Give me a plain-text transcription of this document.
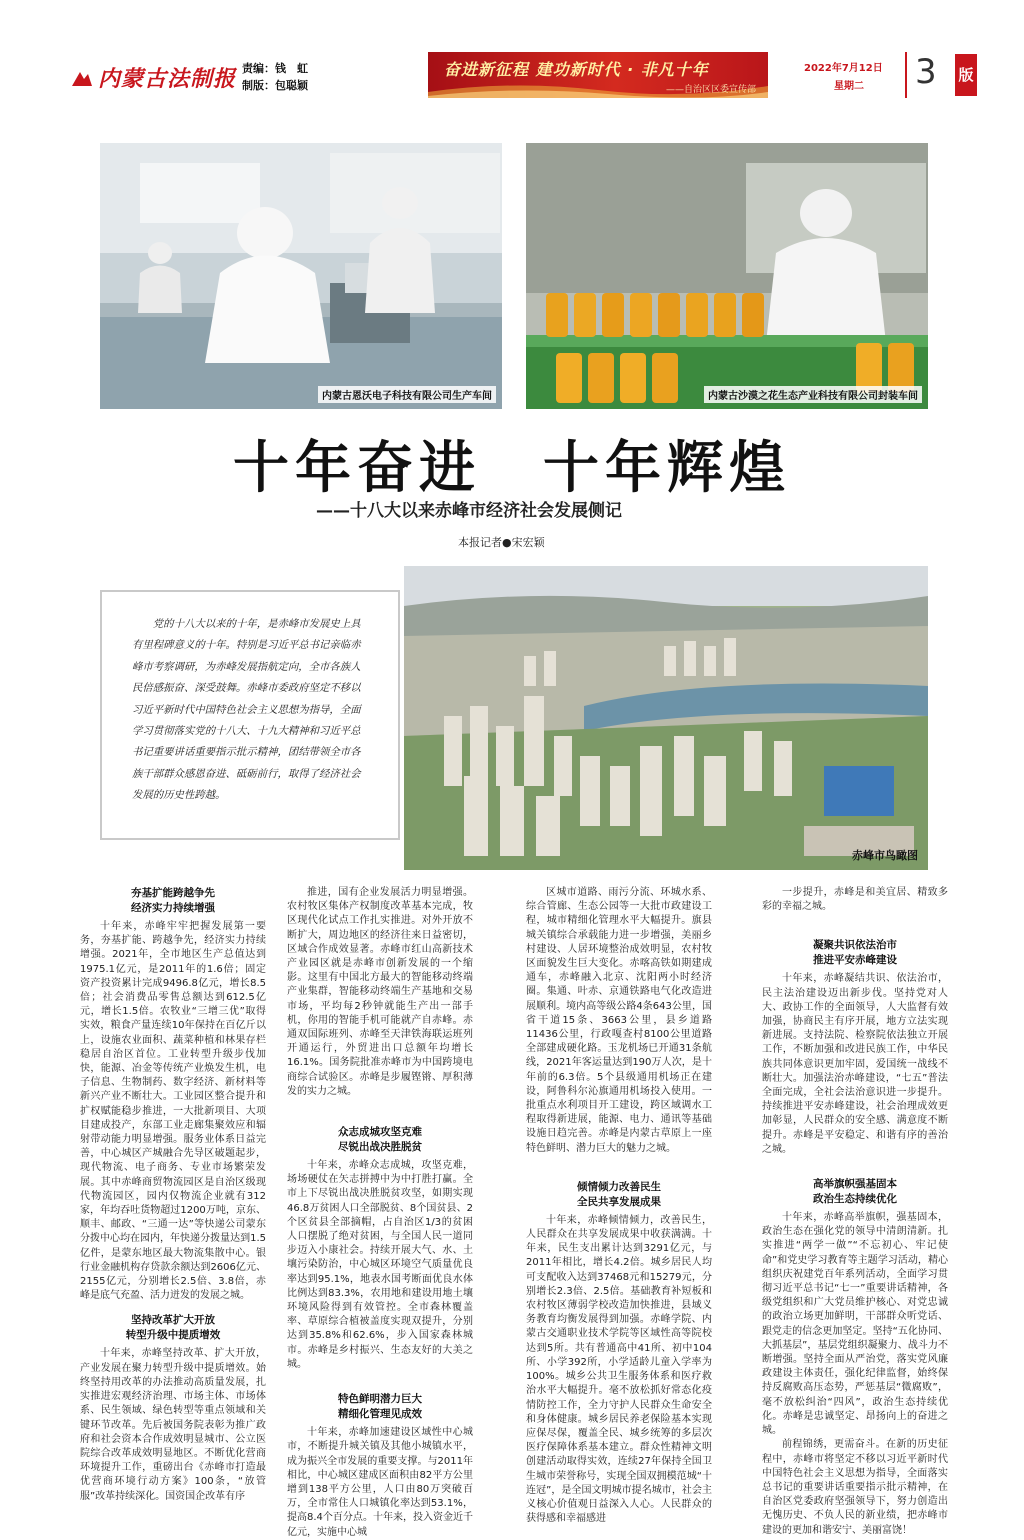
内蒙古法制报 责编：钱　虹
制版：包聪颖
奋进新征程 建功新时代 · 非凡十年
——自治区区委宣传部
2022年7月12日
星期二	3 版
内蒙古恩沃电子科技有限公司生产车间	内蒙古沙漠之花生态产业科技有限公司封装车间
十年奋进　十年辉煌
——十八大以来赤峰市经济社会发展侧记
本报记者●宋宏颖
赤峰市鸟瞰图
党的十八大以来的十年，是赤峰市发展史上具有里程碑意义的十年。特别是习近平总书记亲临赤峰市考察调研，为赤峰发展指航定向，全市各族人民倍感振奋、深受鼓舞。赤峰市委政府坚定不移以习近平新时代中国特色社会主义思想为指导，全面学习贯彻落实党的十八大、十九大精神和习近平总书记重要讲话重要指示批示精神，团结带领全市各族干部群众感恩奋进、砥砺前行，取得了经济社会发展的历史性跨越。
夯基扩能跨越争先
经济实力持续增强

十年来，赤峰牢牢把握发展第一要务，夯基扩能、跨越争先，经济实力持续增强。2021年，全市地区生产总值达到1975.1亿元，是2011年的1.6倍；固定资产投资累计完成9496.8亿元，增长8.5倍；社会消费品零售总额达到612.5亿元，增长1.5倍。农牧业“三增三优”取得实效，粮食产量连续10年保持在百亿斤以上，设施农业面积、蔬菜种植和林果存栏稳居自治区首位。工业转型升级步伐加快，能源、冶金等传统产业焕发生机，电子信息、生物制药、数字经济、新材料等新兴产业不断壮大。工业园区整合提升和扩权赋能稳步推进，一大批新项目、大项目建成投产，东部工业走廊集聚效应和辐射带动能力明显增强。服务业体系日益完善，中心城区产城融合先导区破题起步，现代物流、电子商务、专业市场繁荣发展。其中赤峰商贸物流园区是自治区级现代物流园区，园内仅物流企业就有312家，年均吞吐货物超过1200万吨，京东、顺丰、邮政、“三通一达”等快递公司蒙东分拨中心均在园内，年快递分拨量达到1.5亿件，是蒙东地区最大物流集散中心。银行业金融机构存贷款余额达到2606亿元、2155亿元，分别增长2.5倍、3.8倍，赤峰是底气充盈、活力迸发的发展之城。

坚持改革扩大开放
转型升级中提质增效

十年来，赤峰坚持改革、扩大开放，产业发展在聚力转型升级中提质增效。始终坚持用改革的办法推动高质量发展，扎实推进宏观经济治理、市场主体、市场体系、民生领域、绿色转型等重点领域和关键环节改革。先后被国务院表彰为推广政府和社会资本合作成效明显城市、公立医院综合改革成效明显地区。不断优化营商环境提升工作，重磅出台《赤峰市打造最优营商环境行动方案》100条，“放管服”改革持续深化。国资国企改革有序

推进，国有企业发展活力明显增强。农村牧区集体产权制度改革基本完成，牧区现代化试点工作扎实推进。对外开放不断扩大，周边地区的经济往来日益密切，区域合作成效显著。赤峰市红山高新技术产业园区就是赤峰市创新发展的一个缩影。这里有中国北方最大的智能移动终端产业集群，智能移动终端生产基地和交易市场，平均每2秒钟就能生产出一部手机，你用的智能手机可能就产自赤峰。赤通双国际班列、赤峰至天津铁海联运班列开通运行，外贸进出口总额年均增长16.1%。国务院批准赤峰市为中国跨境电商综合试验区。赤峰是步履铿锵、厚积薄发的实力之城。

众志成城攻坚克难
尽锐出战决胜脱贫

十年来，赤峰众志成城，攻坚克难，场场硬仗在矢志拼搏中为中打胜打赢。全市上下尽锐出战决胜脱贫攻坚，如期实现46.8万贫困人口全部脱贫、8个国贫县、2个区贫县全部摘帽，占自治区1/3的贫困人口摆脱了绝对贫困，与全国人民一道同步迈入小康社会。持续开展大气、水、土壤污染防治，中心城区环境空气质量优良率达到95.1%，地表水国考断面优良水体比例达到83.3%，农用地和建设用地土壤环境风险得到有效管控。全市森林覆盖率、草原综合植被盖度实现双提升，分别达到35.8%和62.6%，步入国家森林城市。赤峰是乡村振兴、生态友好的大美之城。

特色鲜明潜力巨大
精细化管理见成效

十年来，赤峰加速建设区域性中心城市，不断提升城关镇及其他小城镇水平，成为振兴全市发展的重要支撑。与2011年相比，中心城区建成区面积由82平方公里增到138平方公里，人口由80万突破百万，全市常住人口城镇化率达到53.1%，提高8.4个百分点。十年来，投入资金近千亿元，实施中心城

区城市道路、雨污分流、环城水系、综合管廊、生态公园等一大批市政建设工程，城市精细化管理水平大幅提升。旗县城关镇综合承载能力进一步增强，美丽乡村建设、人居环境整治成效明显，农村牧区面貌发生巨大变化。赤喀高铁如期建成通车，赤峰融入北京、沈阳两小时经济圈。集通、叶赤、京通铁路电气化改造进展顺利。境内高等级公路4条643公里，国省干道15条、3663公里，县乡道路11436公里，行政嘎查村8100公里道路全部建成硬化路。玉龙机场已开通31条航线，2021年客运量达到190万人次，是十年前的6.3倍。5个县级通用机场正在建设，阿鲁科尔沁旗通用机场投入使用。一批重点水利项目开工建设，跨区域调水工程取得新进展，能源、电力、通讯等基础设施日趋完善。赤峰是内蒙古草原上一座特色鲜明、潜力巨大的魅力之城。

倾情倾力改善民生
全民共享发展成果

十年来，赤峰倾情倾力，改善民生，人民群众在共享发展成果中收获满满。十年来，民生支出累计达到3291亿元，与2011年相比，增长4.2倍。城乡居民人均可支配收入达到37468元和15279元，分别增长2.3倍、2.5倍。基础教育补短板和农村牧区薄弱学校改造加快推进，县域义务教育均衡发展得到加强。赤峰学院、内蒙古交通职业技术学院等区域性高等院校达到5所。共有普通高中41所、初中104所、小学392所，小学适龄儿童入学率为100%。城乡公共卫生服务体系和医疗救治水平大幅提升。毫不放松抓好常态化疫情防控工作，全力守护人民群众生命安全和身体健康。城乡居民养老保险基本实现应保尽保，覆盖全民、城乡统筹的多层次医疗保障体系基本建立。群众性精神文明创建活动取得实效，连续27年保持全国卫生城市荣誉称号，实现全国双拥模范城“十连冠”，是全国文明城市提名城市，社会主义核心价值观日益深入人心。人民群众的获得感和幸福感进

一步提升，赤峰是和美宜居、精致多彩的幸福之城。

凝聚共识依法治市
推进平安赤峰建设

十年来，赤峰凝结共识、依法治市，民主法治建设迈出新步伐。坚持党对人大、政协工作的全面领导，人大监督有效加强，协商民主有序开展，地方立法实现新进展。支持法院、检察院依法独立开展工作，不断加强和改进民族工作，中华民族共同体意识更加牢固，爱国统一战线不断壮大。加强法治赤峰建设，“七五”普法全面完成，全社会法治意识进一步提升。持续推进平安赤峰建设，社会治理成效更加彰显，人民群众的安全感、满意度不断提升。赤峰是平安稳定、和谐有序的善治之城。

高举旗帜强基固本
政治生态持续优化

十年来，赤峰高举旗帜，强基固本，政治生态在强化党的领导中清朗清新。扎实推进“两学一做”“不忘初心、牢记使命”和党史学习教育等主题学习活动，精心组织庆祝建党百年系列活动，全面学习贯彻习近平总书记“七一”重要讲话精神，各级党组织和广大党员维护核心、对党忠诚的政治立场更加鲜明，干部群众听党话、跟党走的信念更加坚定。坚持“五化协同、大抓基层”，基层党组织凝聚力、战斗力不断增强。坚持全面从严治党，落实党风廉政建设主体责任，强化纪律监督，始终保持反腐败高压态势，严惩基层“微腐败”，毫不放松纠治“四风”，政治生态持续优化。赤峰是忠诚坚定、昂扬向上的奋进之城。

前程锦绣，更需奋斗。在新的历史征程中，赤峰市将坚定不移以习近平新时代中国特色社会主义思想为指导，全面落实总书记的重要讲话重要指示批示精神，在自治区党委政府坚强领导下，努力创造出无愧历史、不负人民的新业绩，把赤峰市建设的更加和谐安宁、美丽富饶！
